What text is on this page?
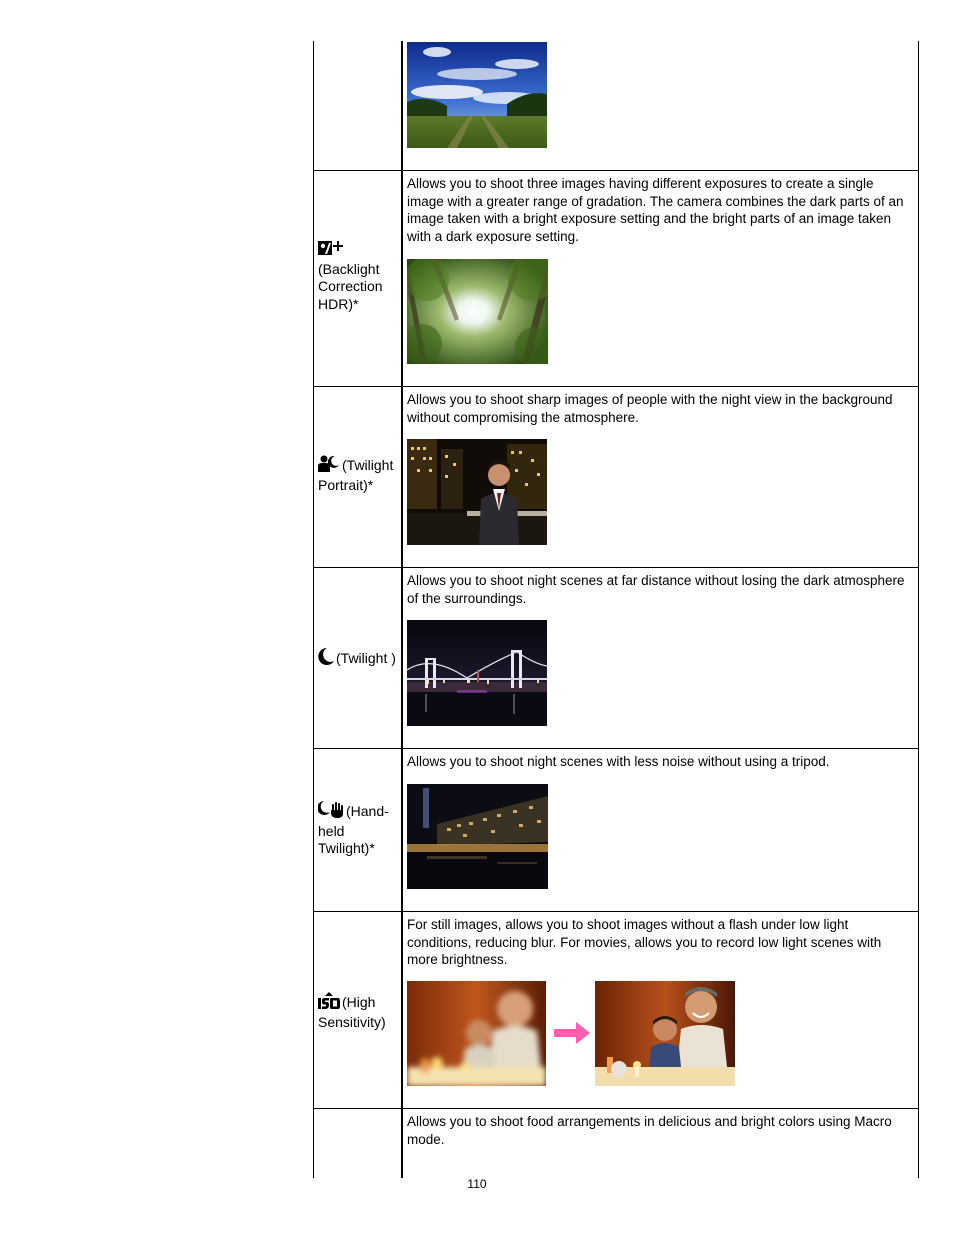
(Backlight Correction HDR)*

Allows you to shoot three images having different exposures to create a single image with a greater range of gradation. The camera combines the dark parts of an image taken with a bright exposure setting and the bright parts of an image taken with a dark exposure setting.

(Twilight Portrait)*

Allows you to shoot sharp images of people with the night view in the background without compromising the atmosphere.

(Twilight )

Allows you to shoot night scenes at far distance without losing the dark atmosphere of the surroundings.

(Hand-held Twilight)*

Allows you to shoot night scenes with less noise without using a tripod.

(High Sensitivity)

For still images, allows you to shoot images without a flash under low light conditions, reducing blur. For movies, allows you to record low light scenes with more brightness.

Allows you to shoot food arrangements in delicious and bright colors using Macro mode.

110
